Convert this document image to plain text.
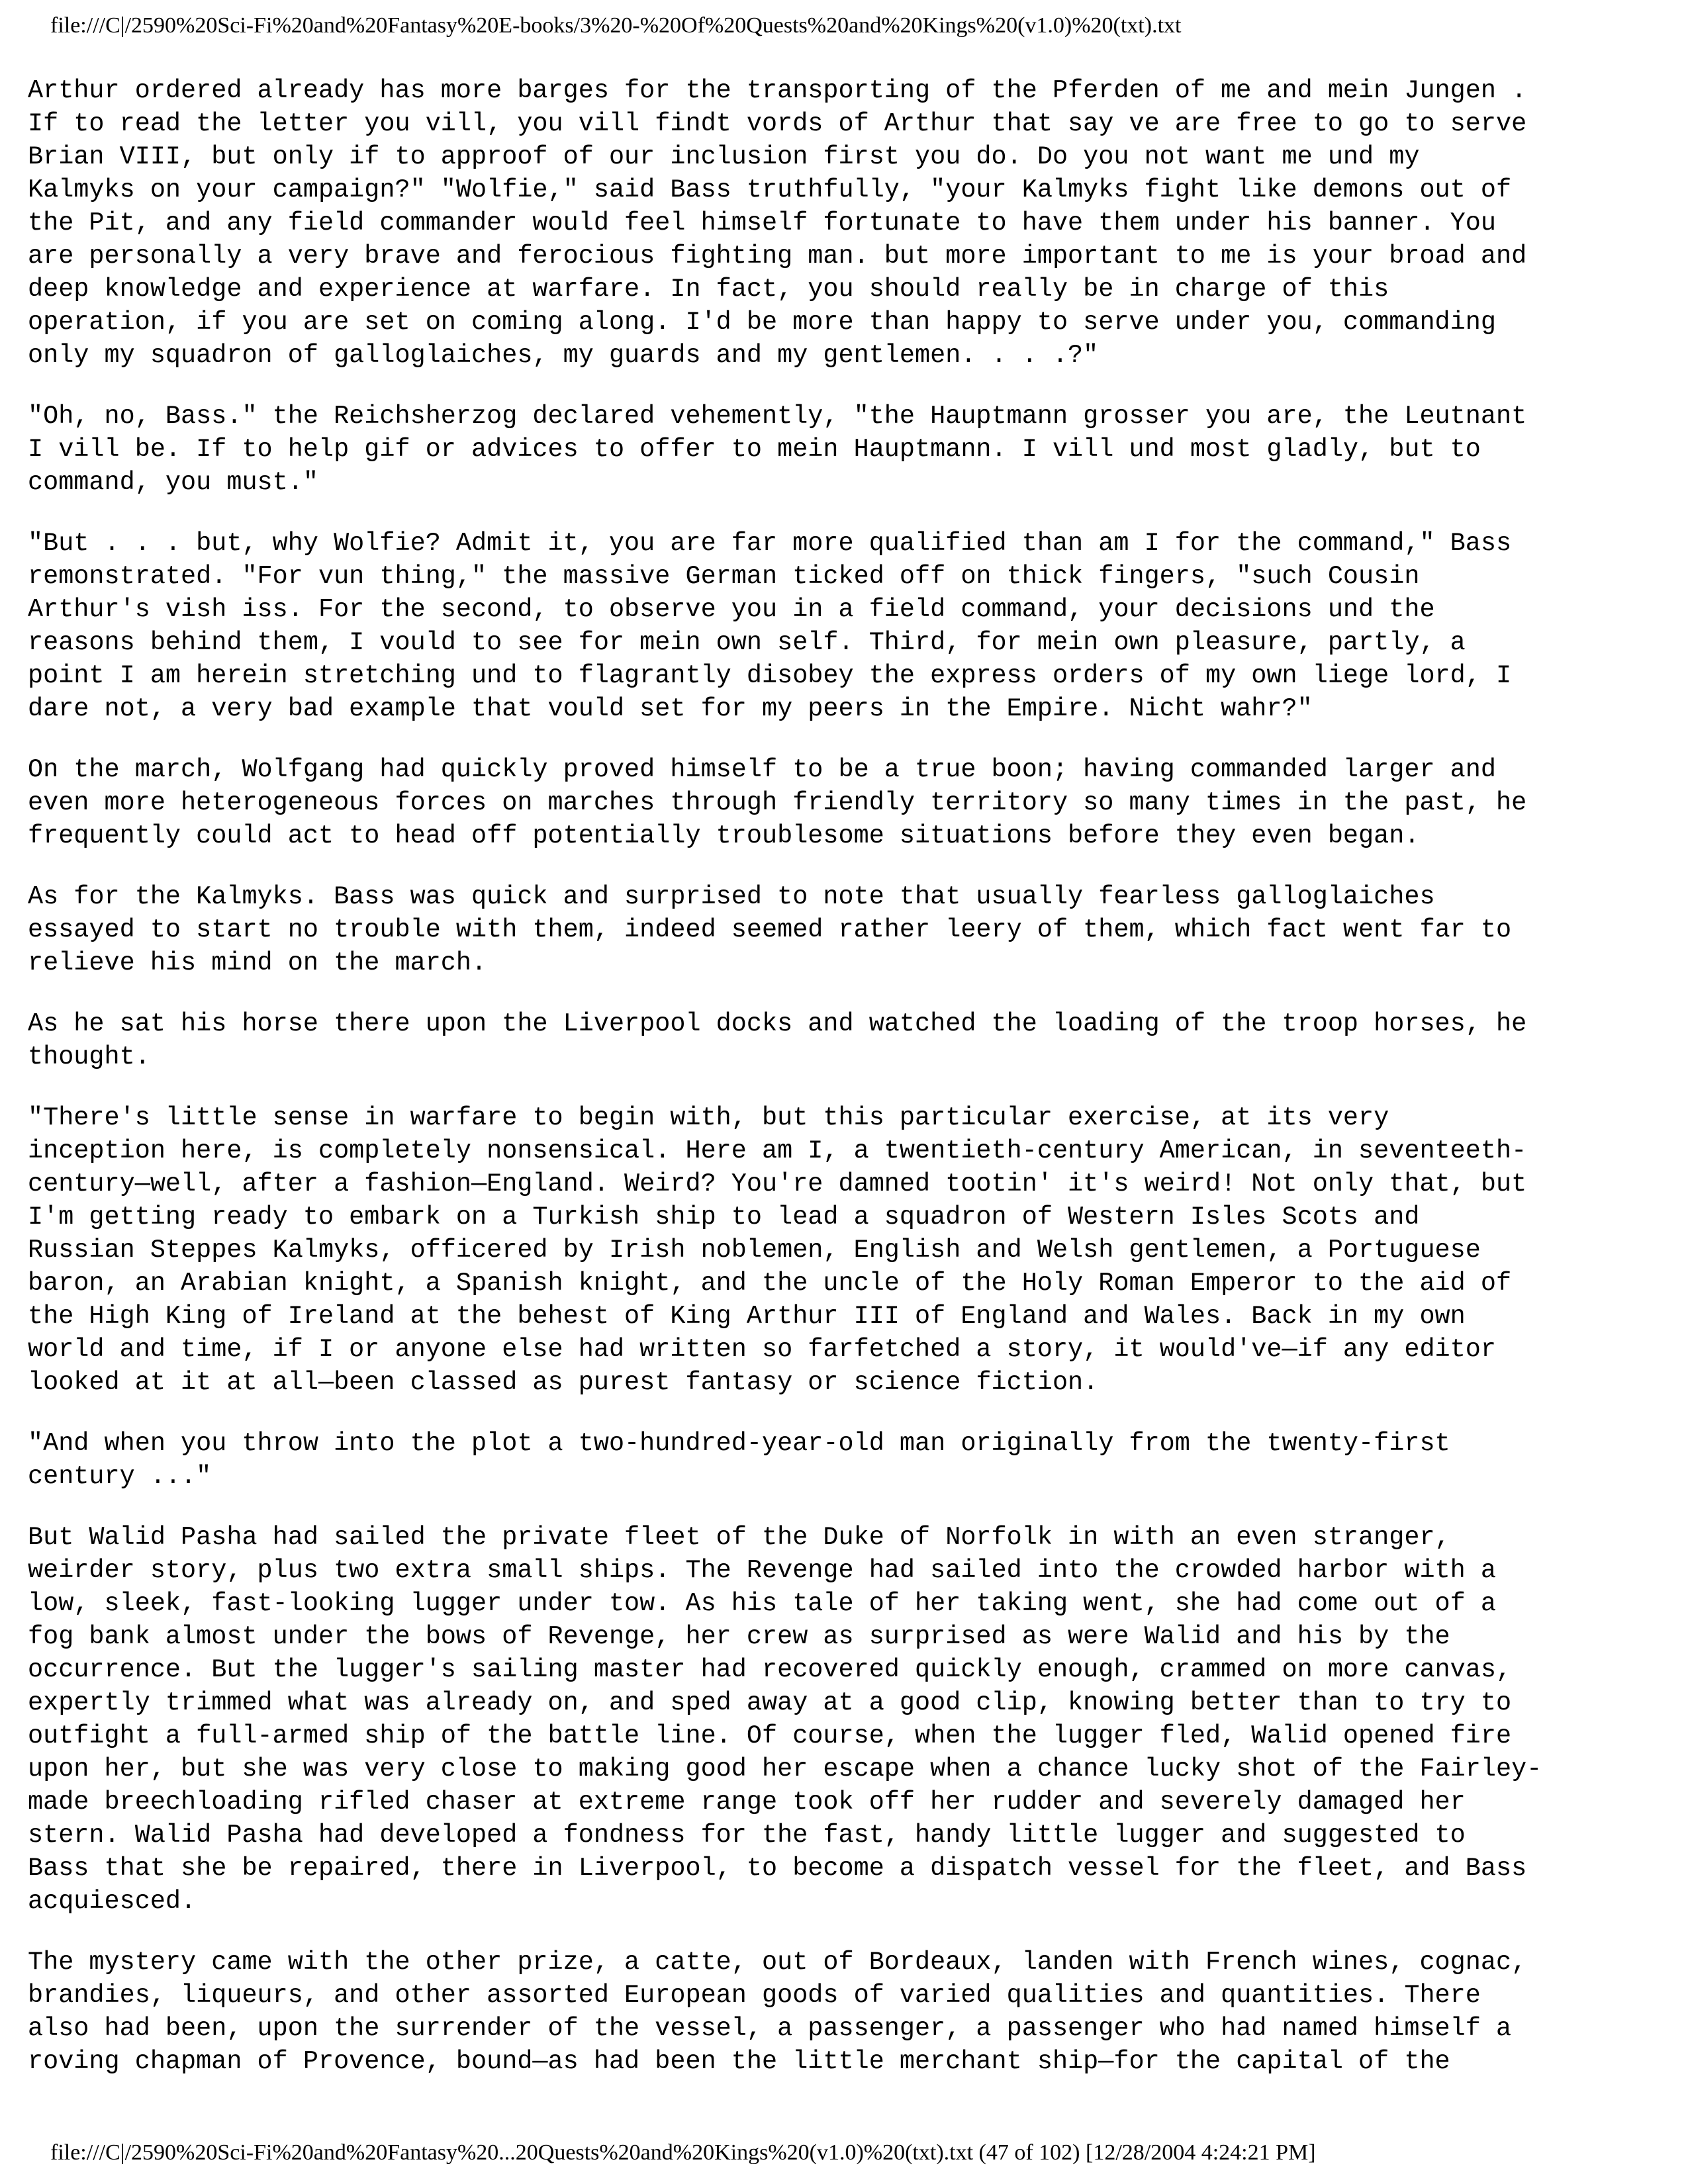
file:///C|/2590%20Sci-Fi%20and%20Fantasy%20E-books/3%20-%20Of%20Quests%20and%20Kings%20(v1.0)%20(txt).txt

Arthur ordered already has more barges for the transporting of the Pferden of me and mein Jungen .
If to read the letter you vill, you vill findt vords of Arthur that say ve are free to go to serve
Brian VIII, but only if to approof of our inclusion first you do. Do you not want me und my
Kalmyks on your campaign?" "Wolfie," said Bass truthfully, "your Kalmyks fight like demons out of
the Pit, and any field commander would feel himself fortunate to have them under his banner. You
are personally a very brave and ferocious fighting man. but more important to me is your broad and
deep knowledge and experience at warfare. In fact, you should really be in charge of this
operation, if you are set on coming along. I'd be more than happy to serve under you, commanding
only my squadron of galloglaiches, my guards and my gentlemen. . . .?"

"Oh, no, Bass." the Reichsherzog declared vehemently, "the Hauptmann grosser you are, the Leutnant
I vill be. If to help gif or advices to offer to mein Hauptmann. I vill und most gladly, but to
command, you must."

"But . . . but, why Wolfie? Admit it, you are far more qualified than am I for the command," Bass
remonstrated. "For vun thing," the massive German ticked off on thick fingers, "such Cousin
Arthur's vish iss. For the second, to observe you in a field command, your decisions und the
reasons behind them, I vould to see for mein own self. Third, for mein own pleasure, partly, a
point I am herein stretching und to flagrantly disobey the express orders of my own liege lord, I
dare not, a very bad example that vould set for my peers in the Empire. Nicht wahr?"

On the march, Wolfgang had quickly proved himself to be a true boon; having commanded larger and
even more heterogeneous forces on marches through friendly territory so many times in the past, he
frequently could act to head off potentially troublesome situations before they even began.

As for the Kalmyks. Bass was quick and surprised to note that usually fearless galloglaiches
essayed to start no trouble with them, indeed seemed rather leery of them, which fact went far to
relieve his mind on the march.

As he sat his horse there upon the Liverpool docks and watched the loading of the troop horses, he
thought.

"There's little sense in warfare to begin with, but this particular exercise, at its very
inception here, is completely nonsensical. Here am I, a twentieth-century American, in seventeeth-
century—well, after a fashion—England. Weird? You're damned tootin' it's weird! Not only that, but
I'm getting ready to embark on a Turkish ship to lead a squadron of Western Isles Scots and
Russian Steppes Kalmyks, officered by Irish noblemen, English and Welsh gentlemen, a Portuguese
baron, an Arabian knight, a Spanish knight, and the uncle of the Holy Roman Emperor to the aid of
the High King of Ireland at the behest of King Arthur III of England and Wales. Back in my own
world and time, if I or anyone else had written so farfetched a story, it would've—if any editor
looked at it at all—been classed as purest fantasy or science fiction.

"And when you throw into the plot a two-hundred-year-old man originally from the twenty-first
century ..."

But Walid Pasha had sailed the private fleet of the Duke of Norfolk in with an even stranger,
weirder story, plus two extra small ships. The Revenge had sailed into the crowded harbor with a
low, sleek, fast-looking lugger under tow. As his tale of her taking went, she had come out of a
fog bank almost under the bows of Revenge, her crew as surprised as were Walid and his by the
occurrence. But the lugger's sailing master had recovered quickly enough, crammed on more canvas,
expertly trimmed what was already on, and sped away at a good clip, knowing better than to try to
outfight a full-armed ship of the battle line. Of course, when the lugger fled, Walid opened fire
upon her, but she was very close to making good her escape when a chance lucky shot of the Fairley-
made breechloading rifled chaser at extreme range took off her rudder and severely damaged her
stern. Walid Pasha had developed a fondness for the fast, handy little lugger and suggested to
Bass that she be repaired, there in Liverpool, to become a dispatch vessel for the fleet, and Bass
acquiesced.

The mystery came with the other prize, a catte, out of Bordeaux, landen with French wines, cognac,
brandies, liqueurs, and other assorted European goods of varied qualities and quantities. There
also had been, upon the surrender of the vessel, a passenger, a passenger who had named himself a
roving chapman of Provence, bound—as had been the little merchant ship—for the capital of the

file:///C|/2590%20Sci-Fi%20and%20Fantasy%20...20Quests%20and%20Kings%20(v1.0)%20(txt).txt (47 of 102) [12/28/2004 4:24:21 PM]
